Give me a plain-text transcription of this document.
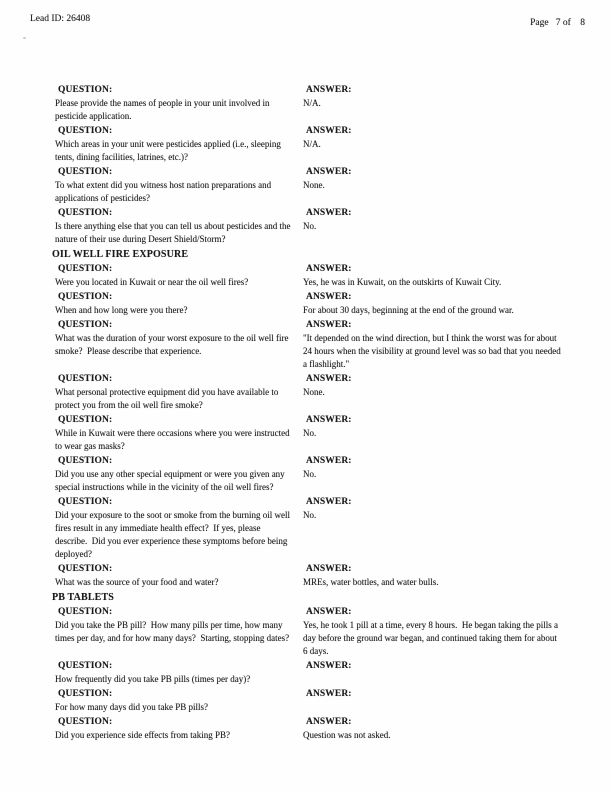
Lead ID: 26408	Page   7 of    8
QUESTION:
Please provide the names of people in your unit involved in pesticide application.
ANSWER:
N/A.
QUESTION:
Which areas in your unit were pesticides applied (i.e., sleeping tents, dining facilities, latrines, etc.)?
ANSWER:
N/A.
QUESTION:
To what extent did you witness host nation preparations and applications of pesticides?
ANSWER:
None.
QUESTION:
Is there anything else that you can tell us about pesticides and the nature of their use during Desert Shield/Storm?
ANSWER:
No.
OIL WELL FIRE EXPOSURE
QUESTION:
Were you located in Kuwait or near the oil well fires?
ANSWER:
Yes, he was in Kuwait, on the outskirts of Kuwait City.
QUESTION:
When and how long were you there?
ANSWER:
For about 30 days, beginning at the end of the ground war.
QUESTION:
What was the duration of your worst exposure to the oil well fire smoke?  Please describe that experience.
ANSWER:
"It depended on the wind direction, but I think the worst was for about 24 hours when the visibility at ground level was so bad that you needed a flashlight."
QUESTION:
What personal protective equipment did you have available to protect you from the oil well fire smoke?
ANSWER:
None.
QUESTION:
While in Kuwait were there occasions where you were instructed to wear gas masks?
ANSWER:
No.
QUESTION:
Did you use any other special equipment or were you given any special instructions while in the vicinity of the oil well fires?
ANSWER:
No.
QUESTION:
Did your exposure to the soot or smoke from the burning oil well fires result in any immediate health effect?  If yes, please describe.  Did you ever experience these symptoms before being deployed?
ANSWER:
No.
QUESTION:
What was the source of your food and water?
ANSWER:
MREs, water bottles, and water bulls.
PB TABLETS
QUESTION:
Did you take the PB pill?  How many pills per time, how many times per day, and for how many days?  Starting, stopping dates?
ANSWER:
Yes, he took 1 pill at a time, every 8 hours.  He began taking the pills a day before the ground war began, and continued taking them for about 6 days.
QUESTION:
How frequently did you take PB pills (times per day)?
ANSWER:
QUESTION:
For how many days did you take PB pills?
ANSWER:
QUESTION:
Did you experience side effects from taking PB?
ANSWER:
Question was not asked.
